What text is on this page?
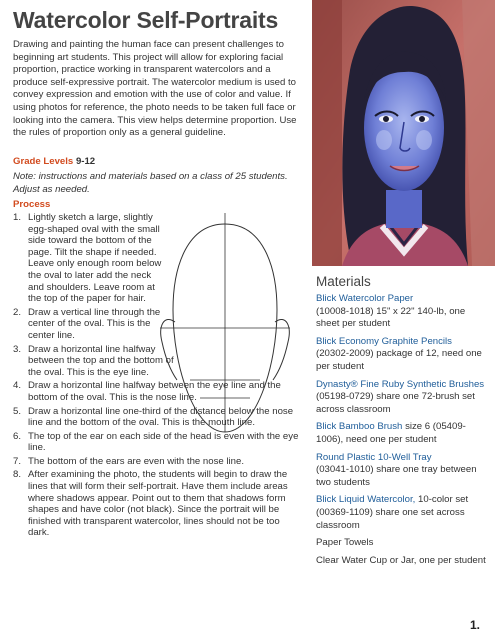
Watercolor Self-Portraits
Drawing and painting the human face can present challenges to beginning art students. This project will allow for exploring facial proportion, practice working in transparent watercolors and a produce self-expressive portrait. The watercolor medium is used to convey expression and emotion with the use of color and value. If using photos for reference, the photo needs to be taken full face or looking into the camera. This view helps determine proportion. Use the rules of proportion only as a general guideline.
Grade Levels 9-12
Note: instructions and materials based on a class of 25 students. Adjust as needed.
Process
1. Lightly sketch a large, slightly egg-shaped oval with the small side toward the bottom of the page. Tilt the shape if needed. Leave only enough room below the oval to later add the neck and shoulders. Leave room at the top of the paper for hair.
2. Draw a vertical line through the center of the oval. This is the center line.
3. Draw a horizontal line halfway between the top and the bottom of the oval. This is the eye line.
4. Draw a horizontal line halfway between the eye line and the bottom of the oval. This is the nose line.
5. Draw a horizontal line one-third of the distance below the nose line and the bottom of the oval. This is the mouth line.
6. The top of the ear on each side of the head is even with the eye line.
7. The bottom of the ears are even with the nose line.
8. After examining the photo, the students will begin to draw the lines that will form their self-portrait. Have them include areas where shadows appear. Point out to them that shadows form shapes and have color (not black). Since the portrait will be finished with transparent watercolor, lines should not be too dark.
Materials
Blick Watercolor Paper
(10008-1018) 15" x 22" 140-lb, one sheet per student
Blick Economy Graphite Pencils
(20302-2009) package of 12, need one per student
Dynasty® Fine Ruby Synthetic Brushes (05198-0729) share one 72-brush set across classroom
Blick Bamboo Brush size 6 (05409-1006), need one per student
Round Plastic 10-Well Tray
(03041-1010) share one tray between two students
Blick Liquid Watercolor, 10-color set (00369-1109) share one set across classroom
Paper Towels
Clear Water Cup or Jar, one per student
1.
